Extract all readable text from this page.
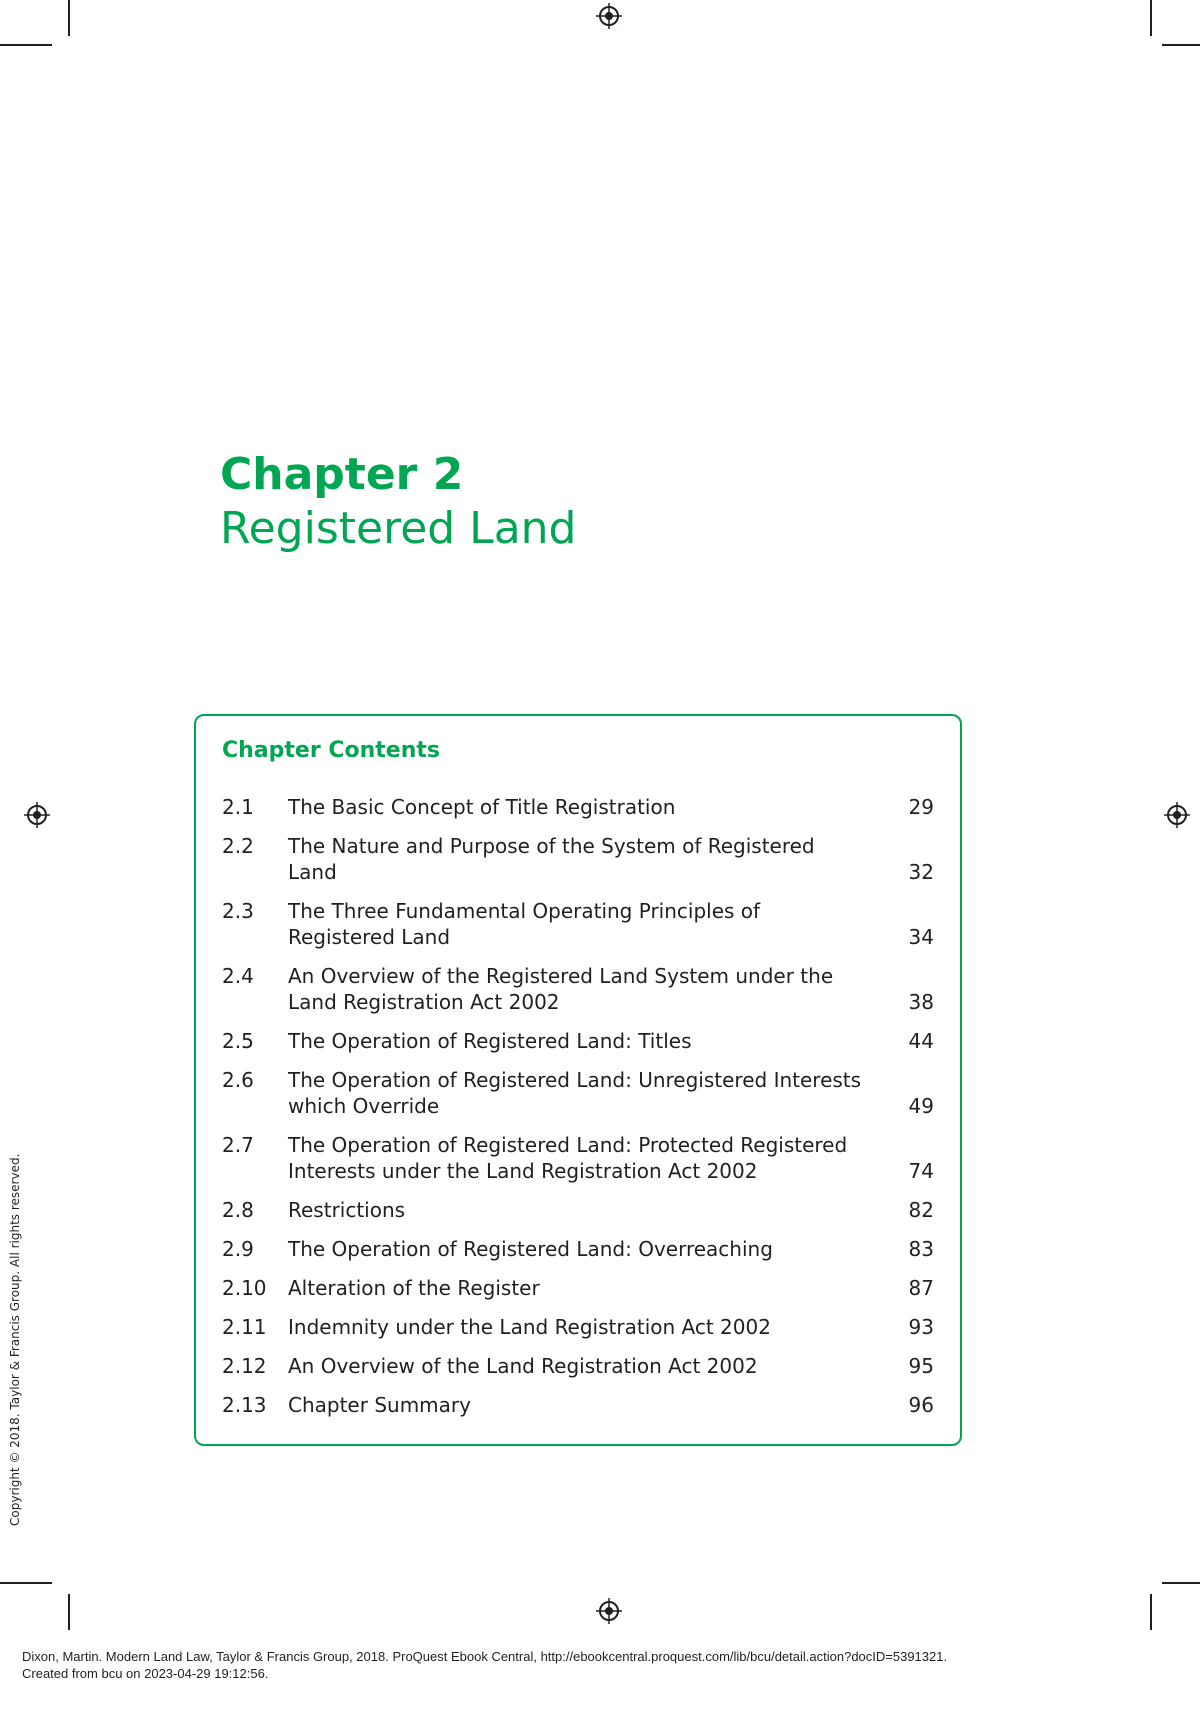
Chapter 2
Registered Land
Chapter Contents
2.1 The Basic Concept of Title Registration	29
2.2 The Nature and Purpose of the System of Registered Land	32
2.3 The Three Fundamental Operating Principles of Registered Land	34
2.4 An Overview of the Registered Land System under the Land Registration Act 2002	38
2.5 The Operation of Registered Land: Titles	44
2.6 The Operation of Registered Land: Unregistered Interests which Override	49
2.7 The Operation of Registered Land: Protected Registered Interests under the Land Registration Act 2002	74
2.8 Restrictions	82
2.9 The Operation of Registered Land: Overreaching	83
2.10 Alteration of the Register	87
2.11 Indemnity under the Land Registration Act 2002	93
2.12 An Overview of the Land Registration Act 2002	95
2.13 Chapter Summary	96
Copyright © 2018. Taylor & Francis Group. All rights reserved.
Dixon, Martin. Modern Land Law, Taylor & Francis Group, 2018. ProQuest Ebook Central, http://ebookcentral.proquest.com/lib/bcu/detail.action?docID=5391321.
Created from bcu on 2023-04-29 19:12:56.
